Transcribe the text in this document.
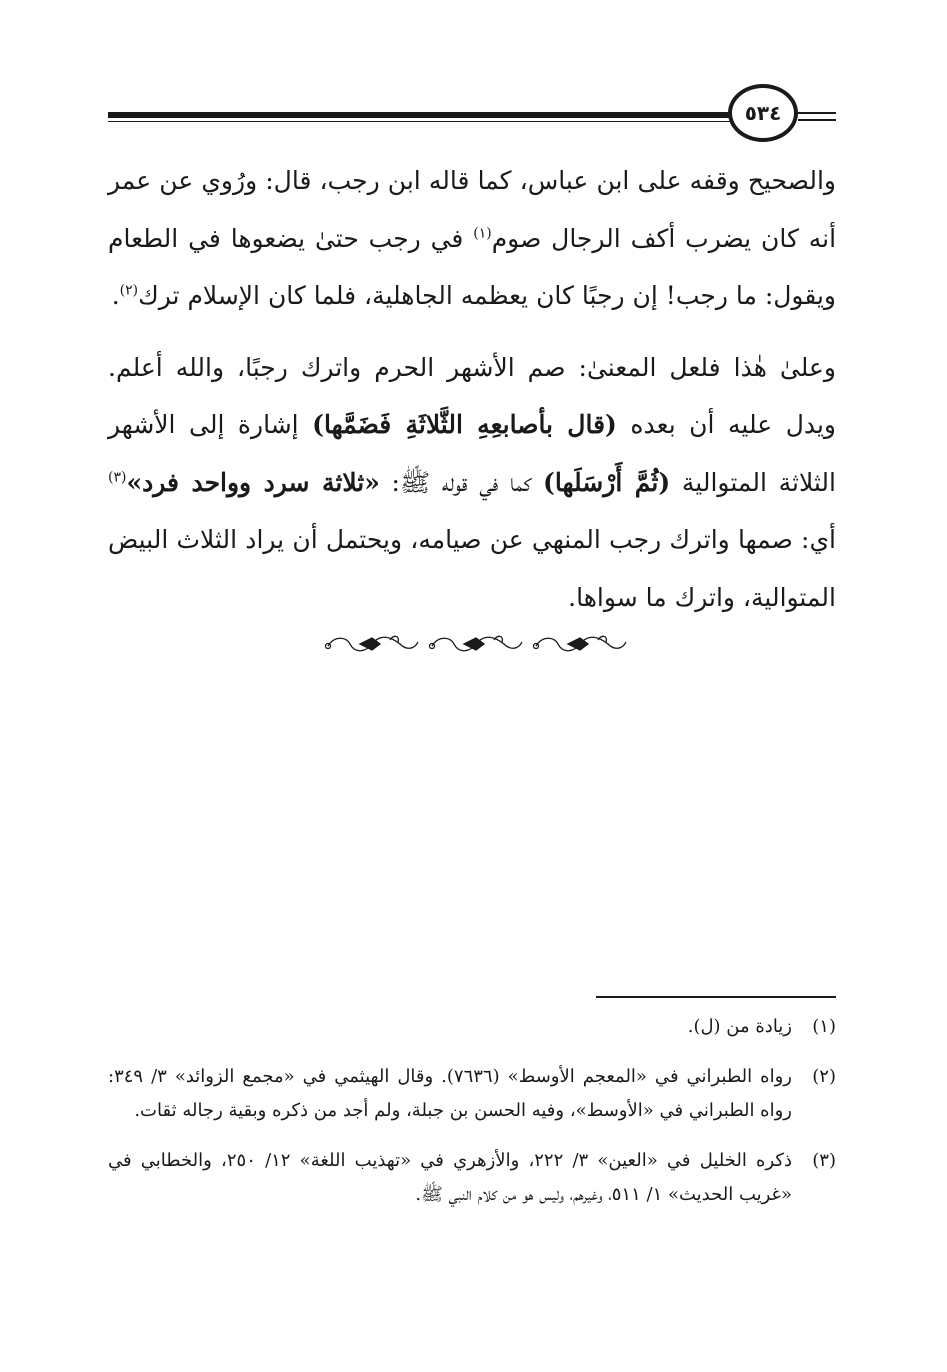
٥٣٤

والصحيح وقفه على ابن عباس، كما قاله ابن رجب، قال: ورُوي عن عمر أنه كان يضرب أكف الرجال صوم$^{(١)}$ في رجب حتىٰ يضعوها في الطعام ويقول: ما رجب! إن رجبًا كان يعظمه الجاهلية، فلما كان الإسلام ترك$^{(٢)}$.

وعلىٰ هٰذا فلعل المعنىٰ: صم الأشهر الحرم واترك رجبًا، والله أعلم. ويدل عليه أن بعده (قال بأصابعِهِ الثَّلاثَةِ فَضَمَّها) إشارة إلى الأشهر الثلاثة المتوالية (ثُمَّ أَرْسَلَها) كما في قوله ﷺ: «ثلاثة سرد وواحد فرد»$^{(٣)}$ أي: صمها واترك رجب المنهي عن صيامه، ويحتمل أن يراد الثلاث البيض المتوالية، واترك ما سواها.

(١)
زيادة من (ل).
(٢)
رواه الطبراني في «المعجم الأوسط» (٧٦٣٦). وقال الهيثمي في «مجمع الزوائد» ٣/ ٣٤٩: رواه الطبراني في «الأوسط»، وفيه الحسن بن جبلة، ولم أجد من ذكره وبقية رجاله ثقات.
(٣)
ذكره الخليل في «العين» ٣/ ٢٢٢، والأزهري في «تهذيب اللغة» ١٢/ ٢٥٠، والخطابي في «غريب الحديث» ١/ ٥١١، وغيرهم، وليس هو من كلام النبي ﷺ.
